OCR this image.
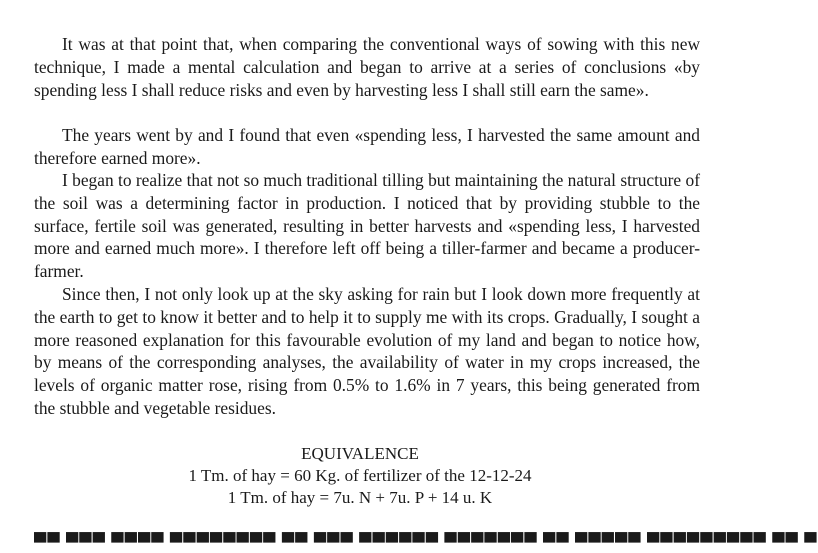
It was at that point that, when comparing the conventional ways of sowing with this new technique, I made a mental calculation and began to arrive at a series of conclusions «by spending less I shall reduce risks and even by harvesting less I shall still earn the same».

The years went by and I found that even «spending less, I harvested the same amount and therefore earned more».

I began to realize that not so much traditional tilling but maintaining the natural structure of the soil was a determining factor in production. I noticed that by providing stubble to the surface, fertile soil was generated, resulting in better harvests and «spending less, I harvested more and earned much more». I therefore left off being a tiller-farmer and became a producer-farmer.

Since then, I not only look up at the sky asking for rain but I look down more frequently at the earth to get to know it better and to help it to supply me with its crops. Gradually, I sought a more reasoned explanation for this favourable evolution of my land and began to notice how, by means of the corresponding analyses, the availability of water in my crops increased, the levels of organic matter rose, rising from 0.5% to 1.6% in 7 years, this being generated from the stubble and vegetable residues.

EQUIVALENCE
1 Tm. of hay = 60 Kg. of fertilizer of the 12-12-24
1 Tm. of hay = 7u. N + 7u. P + 14 u. K
▀▀ ▀▀▀ ▀▀▀▀ ▀▀▀▀▀▀▀▀ ▀▀ ▀▀▀ ▀▀▀▀▀▀ ▀▀▀▀▀▀▀ ▀▀ ▀▀▀▀▀ ▀▀▀▀▀▀▀▀▀ ▀▀ ▀
